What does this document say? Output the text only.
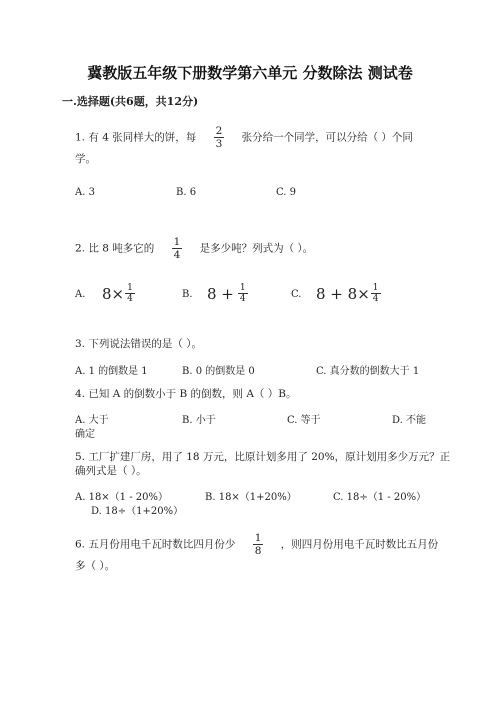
冀教版五年级下册数学第六单元 分数除法 测试卷
一.选择题(共6题，共12分)
1. 有 4 张同样大的饼，每 $\frac{2}{3}$ 张分给一个同学，可以分给（ ）个同
学。
A. 3	B. 6	C. 9
2. 比 8 吨多它的 $\frac{1}{4}$ 是多少吨？列式为（ ）。
A. $8\times \frac{1}{4}$	B. $8 + \frac{1}{4}$	C. $8 + 8\times \frac{1}{4}$
3. 下列说法错误的是（ ）。
A. 1 的倒数是 1	B. 0 的倒数是 0	C. 真分数的倒数大于 1
4. 已知 A 的倒数小于 B 的倒数，则 A（ ）B。
A. 大于	B. 小于	C. 等于	D. 不能
确定
5. 工厂扩建厂房，用了 18 万元，比原计划多用了 20%，原计划用多少万元？正
确列式是（ ）。
A. 18×（1 - 20%）	B. 18×（1+20%）	C. 18÷（1 - 20%）
D. 18÷（1+20%）
6. 五月份用电千瓦时数比四月份少 $\frac{1}{8}$ ，则四月份用电千瓦时数比五月份
多（ ）。
